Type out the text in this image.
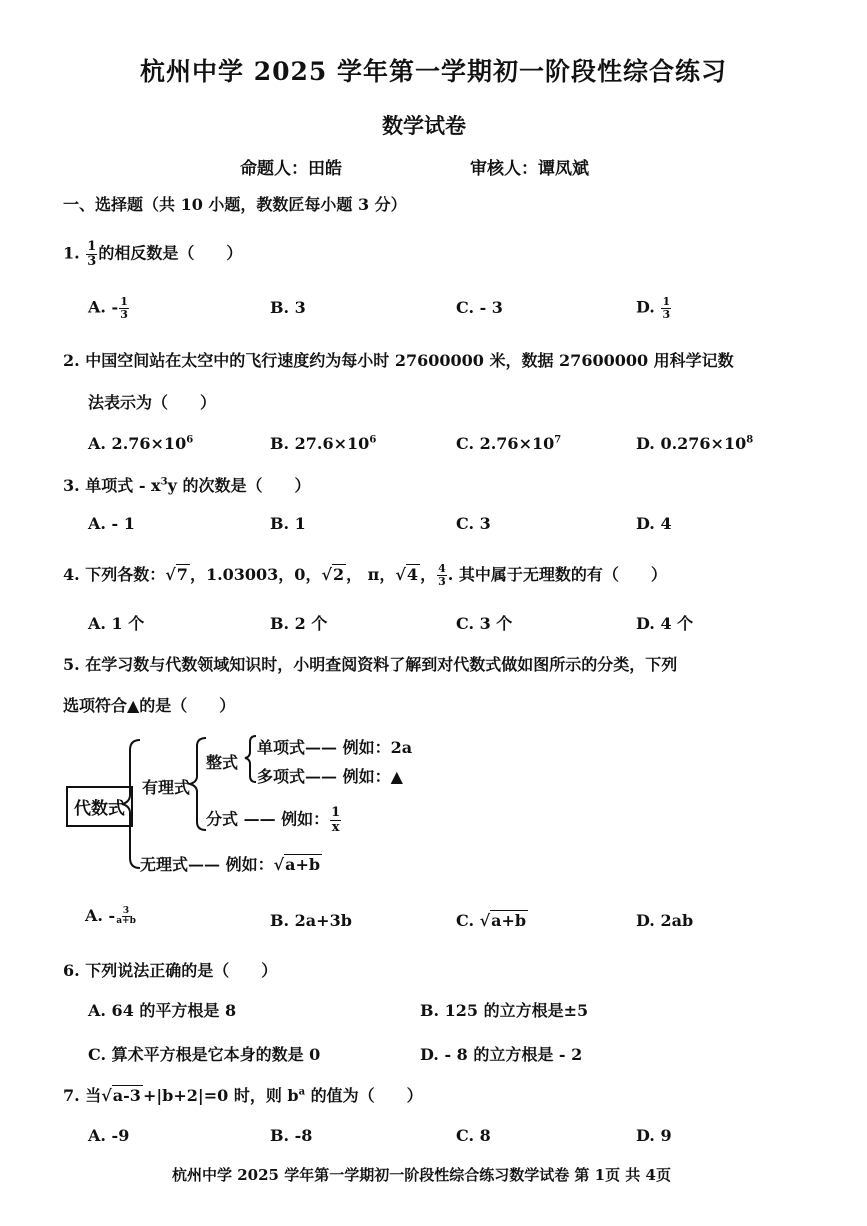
杭州中学 2025 学年第一学期初一阶段性综合练习
数学试卷
命题人：田皓	审核人：谭凤斌
一、选择题（共 10 小题，教数匠每小题 3 分）
1. $\frac{1}{3}$ 的相反数是（　　）
A. - $\frac{1}{3}$	B. 3	C. - 3	D. $\frac{1}{3}$
2. 中国空间站在太空中的飞行速度约为每小时 27600000 米，数据 27600000 用科学记数
法表示为（　　）
A. $2.76\times 10^6$	B. $27.6\times 10^6$	C. $2.76\times 10^7$	D. $0.276\times 10^8$
3. 单项式 - $x^3y$ 的次数是（　　）
A. - 1	B. 1	C. 3	D. 4
4. 下列各数：√7 ，1.03003，0，√2 ， π，√4 ， $\frac{4}{3}$ . 其中属于无理数的有（　　）
A. 1 个	B. 2 个	C. 3 个	D. 4 个
5. 在学习数与代数领域知识时，小明查阅资料了解到对代数式做如图所示的分类，下列
选项符合▲的是（　　）
代数式
有理式
整式
单项式—— 例如：2a
多项式—— 例如：▲
分式 —— 例如： $\frac{1}{x}$
无理式—— 例如：√a+b
A. - $\frac{3}{a+b}$	B. 2a+3b	C. √a+b	D. 2ab
6. 下列说法正确的是（　　）
A. 64 的平方根是 8	B. 125 的立方根是±5
C. 算术平方根是它本身的数是 0	D. - 8 的立方根是 - 2
7. 当√a-3 +|b+2|=0 时，则 $b^a$ 的值为（　　）
A. -9	B. -8	C. 8	D. 9
杭州中学 2025 学年第一学期初一阶段性综合练习数学试卷 第 1页 共 4页
